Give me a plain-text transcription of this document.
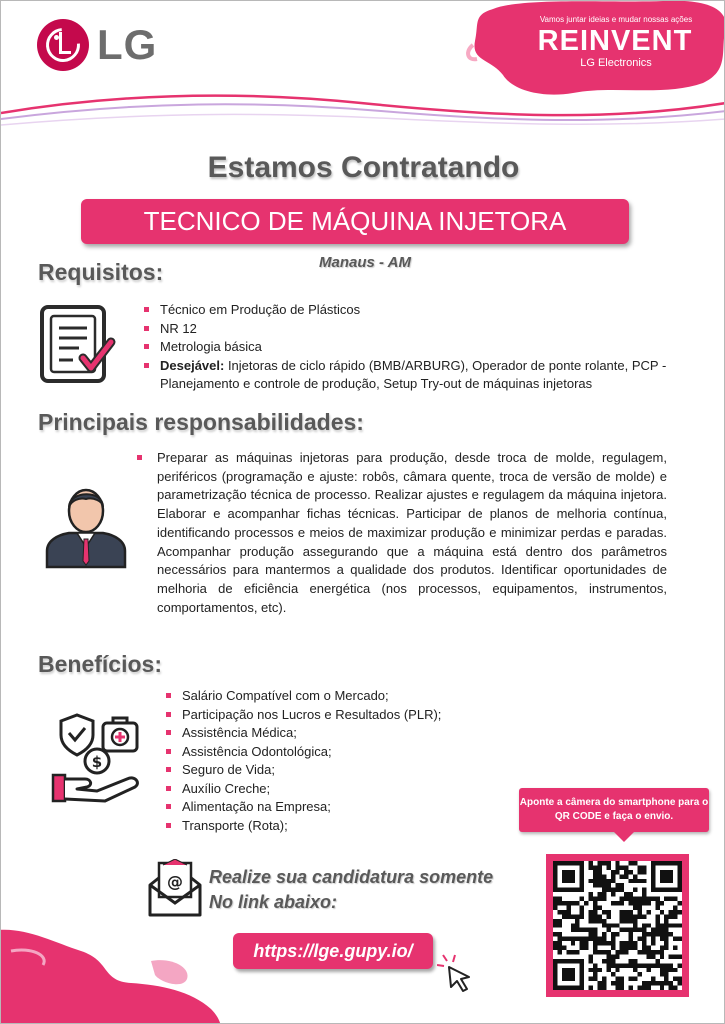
LG
Vamos juntar ideias e mudar nossas ações
REINVENT
LG Electronics
Estamos Contratando
TECNICO DE MÁQUINA INJETORA
Manaus - AM
Requisitos:
Técnico em Produção de Plásticos
NR 12
Metrologia básica
Desejável: Injetoras de ciclo rápido (BMB/ARBURG), Operador de ponte rolante, PCP - Planejamento e controle de produção, Setup Try-out de máquinas injetoras
Principais responsabilidades:

Preparar as máquinas injetoras para produção, desde troca de molde, regulagem, periféricos (programação e ajuste: robôs, câmara quente, troca de versão de molde) e parametrização técnica de processo. Realizar ajustes e regulagem da máquina injetora. Elaborar e acompanhar fichas técnicas. Participar de planos de melhoria contínua, identificando processos e meios de maximizar produção e minimizar perdas e paradas. Acompanhar produção assegurando que a máquina está dentro dos parâmetros necessários para mantermos a qualidade dos produtos. Identificar oportunidades de melhoria de eficiência energética (nos processos, equipamentos, instrumentos, comportamentos, etc).

Benefícios:
$
Salário Compatível com o Mercado;
Participação nos Lucros e Resultados (PLR);
Assistência Médica;
Assistência Odontológica;
Seguro de Vida;
Auxílio Creche;
Alimentação na Empresa;
Transporte (Rota);
Aponte a câmera do smartphone para o QR CODE e faça o envio.
@ Realize sua candidatura somente
No link abaixo:
https://lge.gupy.io/
